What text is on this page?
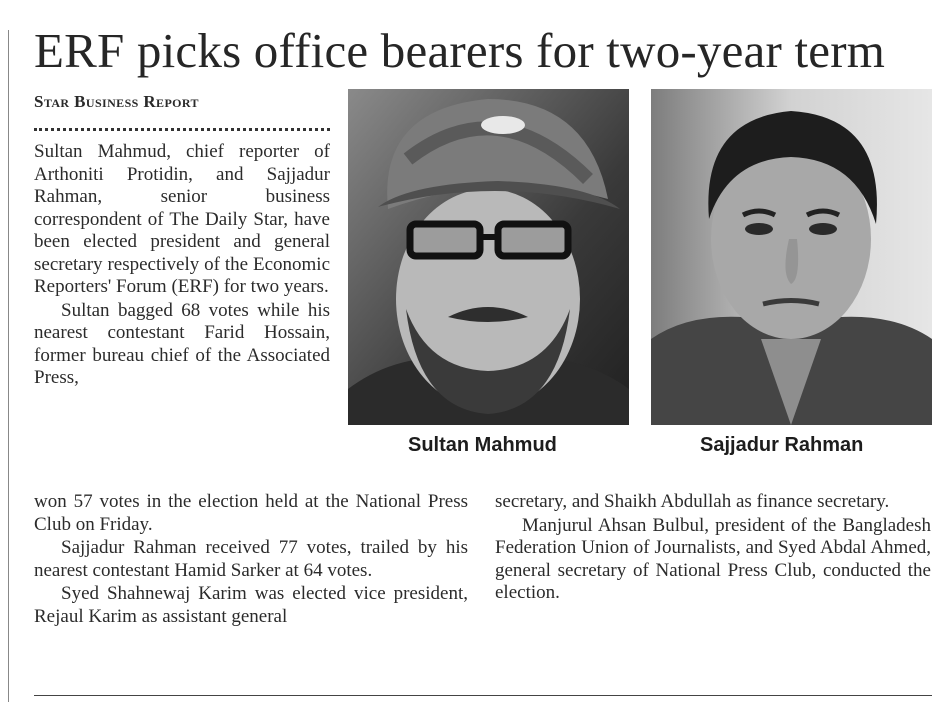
ERF picks office bearers for two-year term
Star Business Report

Sultan Mahmud, chief reporter of Arthoniti Protidin, and Sajjadur Rahman, senior business correspondent of The Daily Star, have been elected president and general secretary respectively of the Economic Reporters' Forum (ERF) for two years.

Sultan bagged 68 votes while his nearest contestant Farid Hossain, former bureau chief of the Associated Press,

Sultan Mahmud	Sajjadur Rahman

won 57 votes in the election held at the National Press Club on Friday.

Sajjadur Rahman received 77 votes, trailed by his nearest contestant Hamid Sarker at 64 votes.

Syed Shahnewaj Karim was elected vice president, Rejaul Karim as assistant general

secretary, and Shaikh Abdullah as finance secretary.

Manjurul Ahsan Bulbul, president of the Bangladesh Federation Union of Journalists, and Syed Abdal Ahmed, general secretary of National Press Club, conducted the election.
